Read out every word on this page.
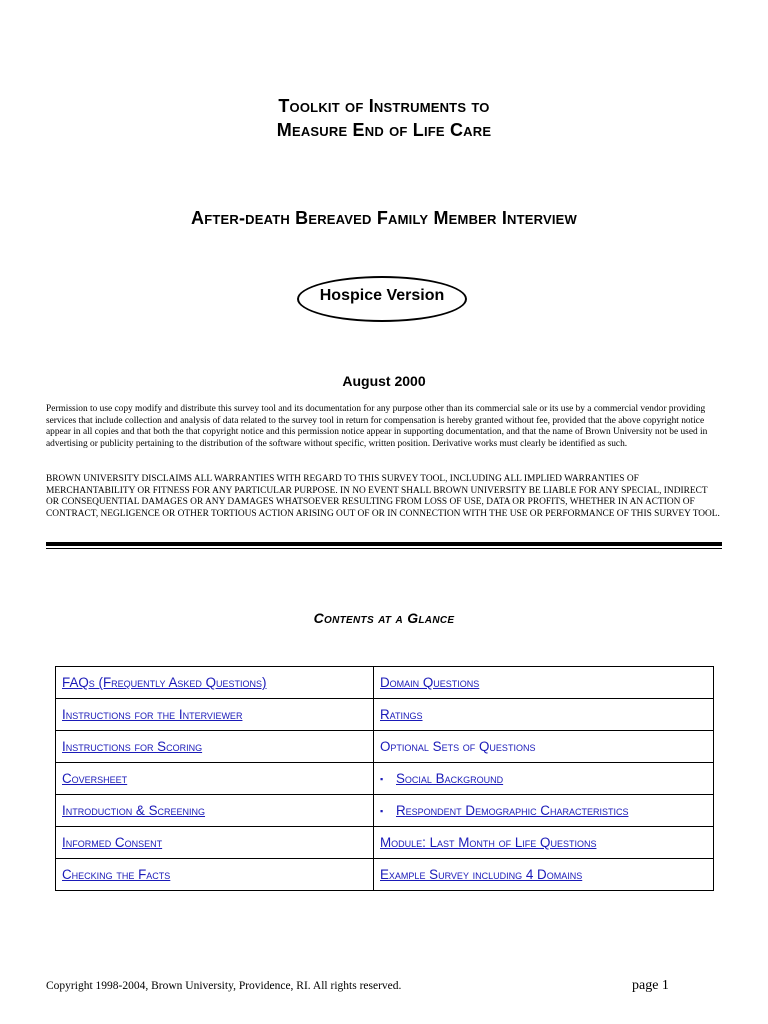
Toolkit of Instruments to
Measure End of Life Care
After-death Bereaved Family Member Interview
Hospice Version
August 2000
Permission to use copy modify and distribute this survey tool and its documentation for any purpose other than its commercial sale or its use by a commercial vendor providing services that include collection and analysis of data related to the survey tool in return for compensation is hereby granted without fee, provided that the above copyright notice appear in all copies and that both the that copyright notice and this permission notice appear in supporting documentation, and that the name of Brown University not be used in advertising or publicity pertaining to the distribution of the software without specific, written position. Derivative works must clearly be identified as such.
BROWN UNIVERSITY DISCLAIMS ALL WARRANTIES WITH REGARD TO THIS SURVEY TOOL, INCLUDING ALL IMPLIED WARRANTIES OF MERCHANTABILITY OR FITNESS FOR ANY PARTICULAR PURPOSE. IN NO EVENT SHALL BROWN UNIVERSITY BE LIABLE FOR ANY SPECIAL, INDIRECT OR CONSEQUENTIAL DAMAGES OR ANY DAMAGES WHATSOEVER RESULTING FROM LOSS OF USE, DATA OR PROFITS, WHETHER IN AN ACTION OF CONTRACT, NEGLIGENCE OR OTHER TORTIOUS ACTION ARISING OUT OF OR IN CONNECTION WITH THE USE OR PERFORMANCE OF THIS SURVEY TOOL.
Contents at a Glance
FAQs (Frequently Asked Questions)	Domain Questions
Instructions for the Interviewer	Ratings
Instructions for Scoring	Optional Sets of Questions
Coversheet	▪ Social Background
Introduction & Screening	▪ Respondent Demographic Characteristics
Informed Consent	Module: Last Month of Life Questions
Checking the Facts	Example Survey including 4 Domains
Copyright 1998-2004, Brown University, Providence, RI. All rights reserved.	page 1
